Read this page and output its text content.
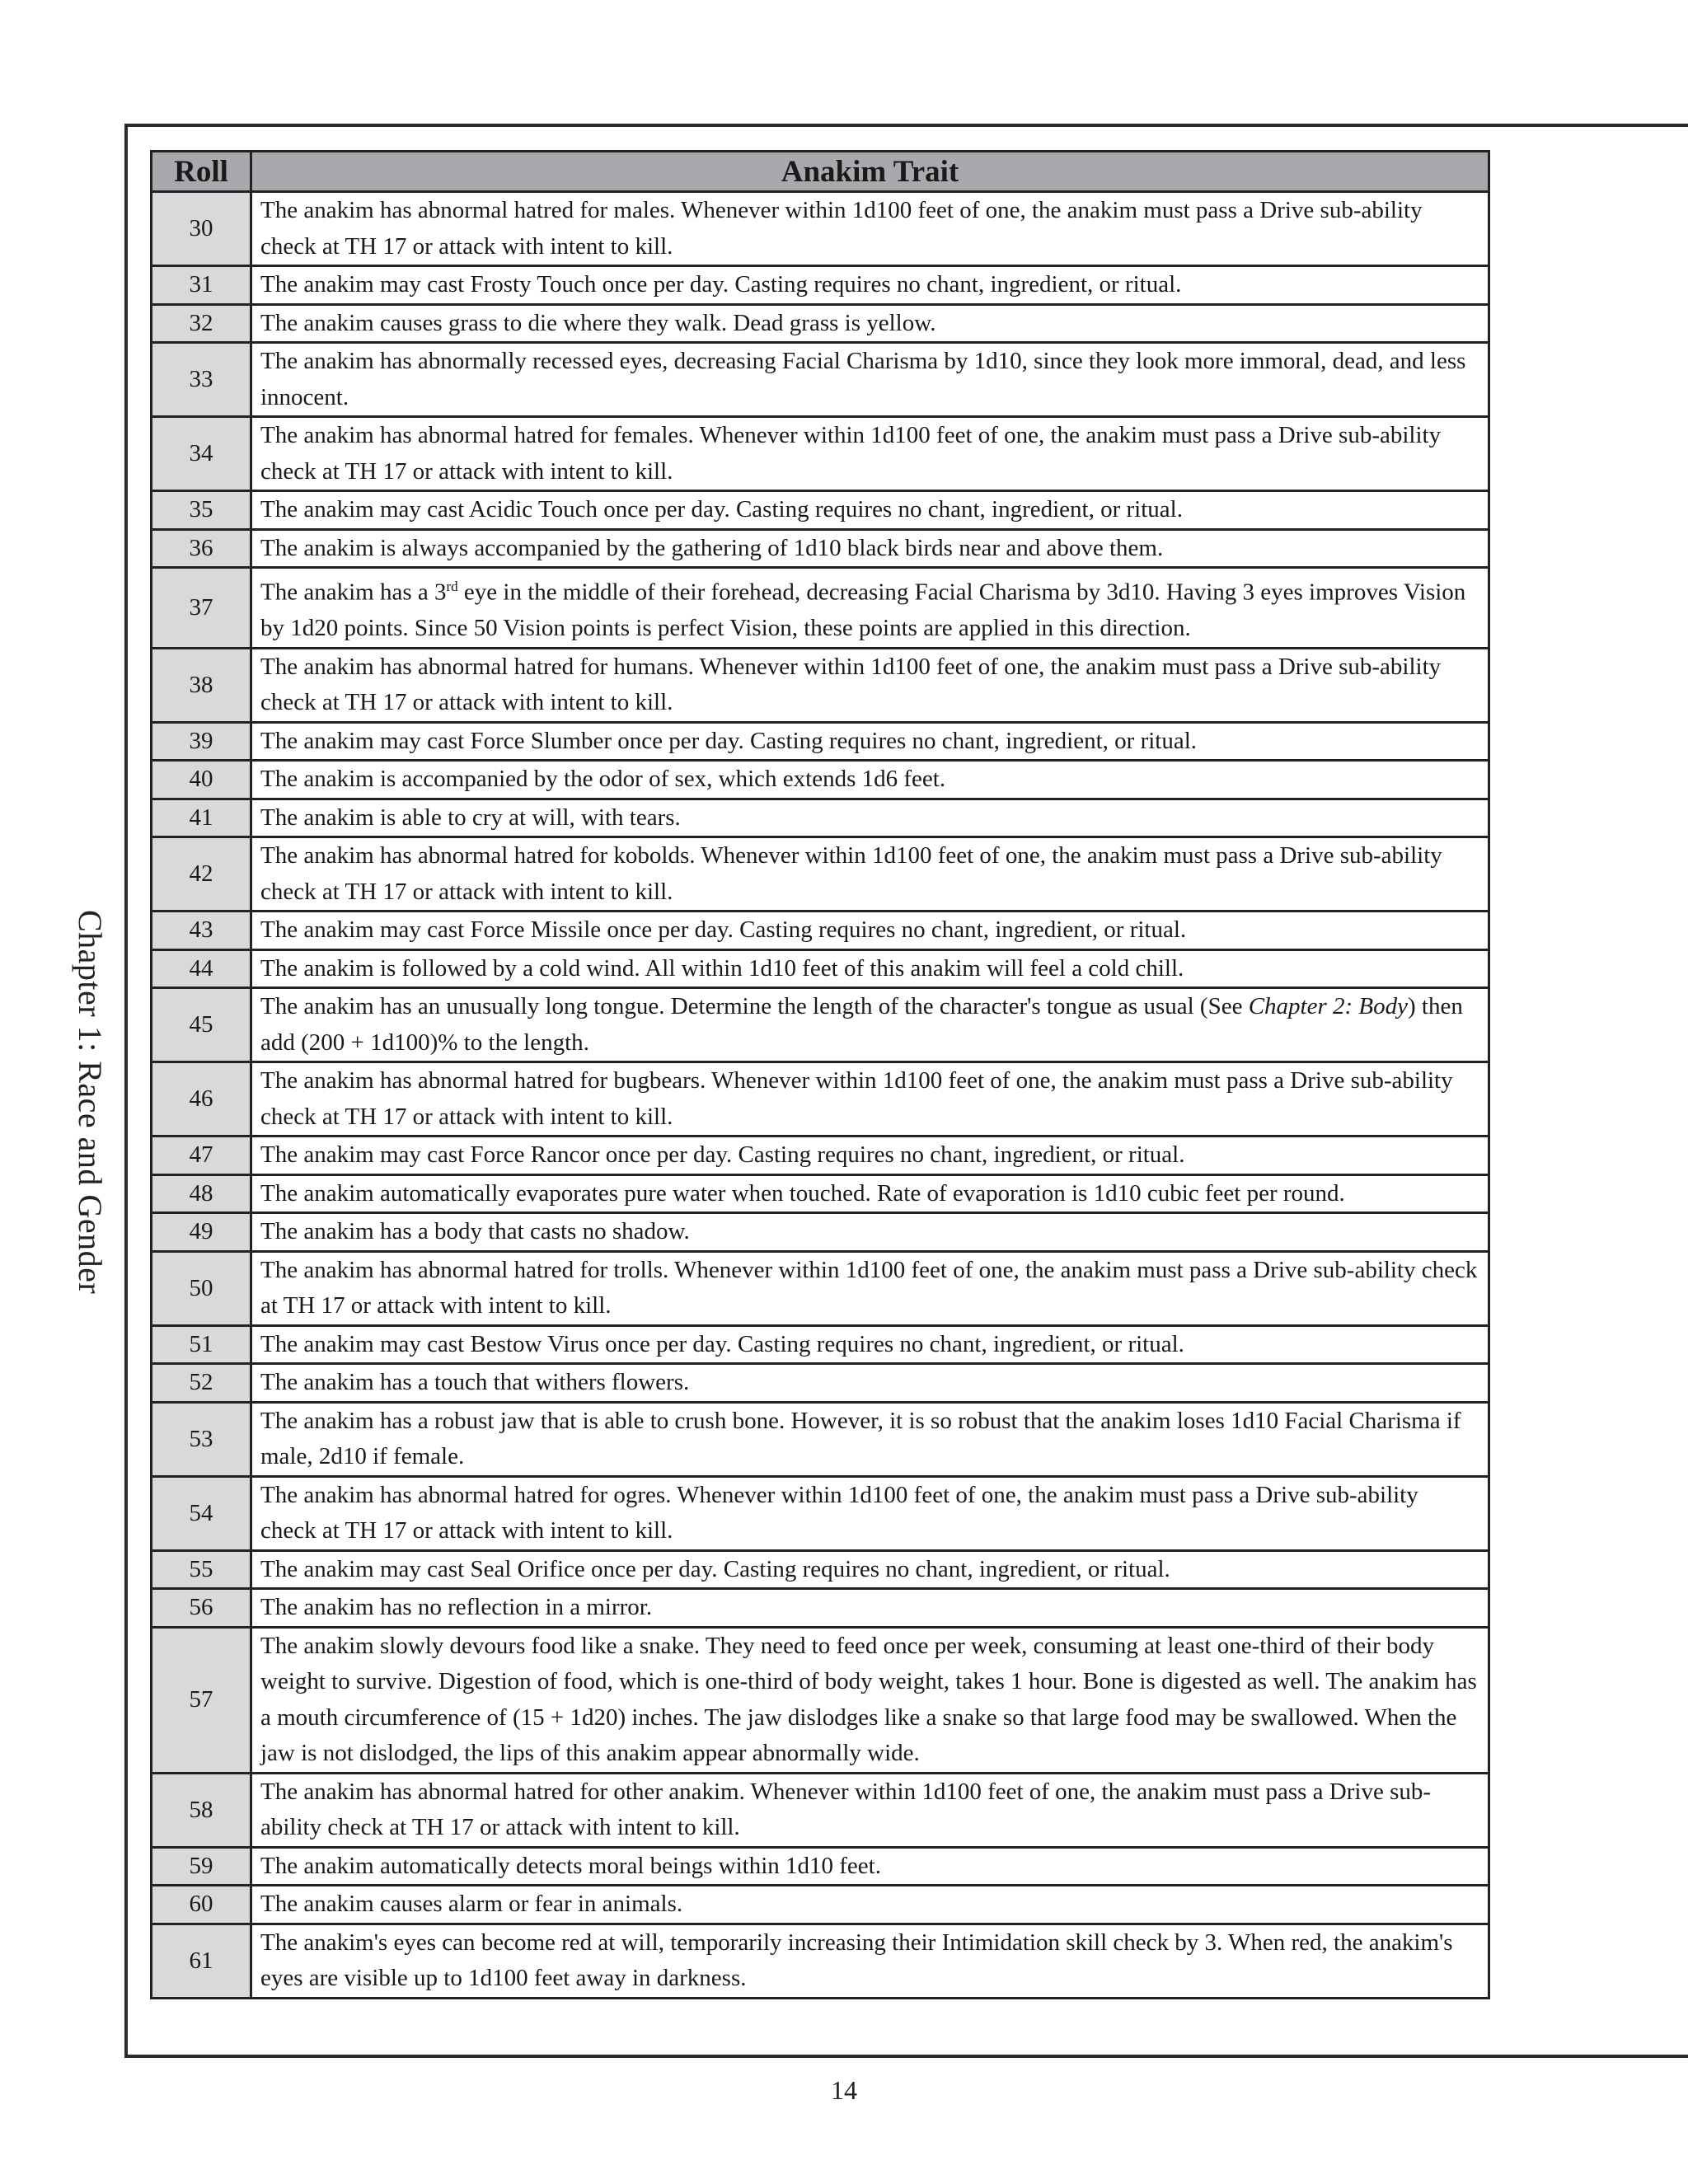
Chapter 1: Race and Gender
Roll	Anakim Trait
30	The anakim has abnormal hatred for males. Whenever within 1d100 feet of one, the anakim must pass a Drive sub-ability check at TH 17 or attack with intent to kill.
31	The anakim may cast Frosty Touch once per day. Casting requires no chant, ingredient, or ritual.
32	The anakim causes grass to die where they walk. Dead grass is yellow.
33	The anakim has abnormally recessed eyes, decreasing Facial Charisma by 1d10, since they look more immoral, dead, and less innocent.
34	The anakim has abnormal hatred for females. Whenever within 1d100 feet of one, the anakim must pass a Drive sub-ability check at TH 17 or attack with intent to kill.
35	The anakim may cast Acidic Touch once per day. Casting requires no chant, ingredient, or ritual.
36	The anakim is always accompanied by the gathering of 1d10 black birds near and above them.
37	The anakim has a 3rd eye in the middle of their forehead, decreasing Facial Charisma by 3d10. Having 3 eyes improves Vision by 1d20 points. Since 50 Vision points is perfect Vision, these points are applied in this direction.
38	The anakim has abnormal hatred for humans. Whenever within 1d100 feet of one, the anakim must pass a Drive sub-ability check at TH 17 or attack with intent to kill.
39	The anakim may cast Force Slumber once per day. Casting requires no chant, ingredient, or ritual.
40	The anakim is accompanied by the odor of sex, which extends 1d6 feet.
41	The anakim is able to cry at will, with tears.
42	The anakim has abnormal hatred for kobolds. Whenever within 1d100 feet of one, the anakim must pass a Drive sub-ability check at TH 17 or attack with intent to kill.
43	The anakim may cast Force Missile once per day. Casting requires no chant, ingredient, or ritual.
44	The anakim is followed by a cold wind. All within 1d10 feet of this anakim will feel a cold chill.
45	The anakim has an unusually long tongue. Determine the length of the character's tongue as usual (See Chapter 2: Body) then add (200 + 1d100)% to the length.
46	The anakim has abnormal hatred for bugbears. Whenever within 1d100 feet of one, the anakim must pass a Drive sub-ability check at TH 17 or attack with intent to kill.
47	The anakim may cast Force Rancor once per day. Casting requires no chant, ingredient, or ritual.
48	The anakim automatically evaporates pure water when touched. Rate of evaporation is 1d10 cubic feet per round.
49	The anakim has a body that casts no shadow.
50	The anakim has abnormal hatred for trolls. Whenever within 1d100 feet of one, the anakim must pass a Drive sub-ability check at TH 17 or attack with intent to kill.
51	The anakim may cast Bestow Virus once per day. Casting requires no chant, ingredient, or ritual.
52	The anakim has a touch that withers flowers.
53	The anakim has a robust jaw that is able to crush bone. However, it is so robust that the anakim loses 1d10 Facial Charisma if male, 2d10 if female.
54	The anakim has abnormal hatred for ogres. Whenever within 1d100 feet of one, the anakim must pass a Drive sub-ability check at TH 17 or attack with intent to kill.
55	The anakim may cast Seal Orifice once per day. Casting requires no chant, ingredient, or ritual.
56	The anakim has no reflection in a mirror.
57	The anakim slowly devours food like a snake. They need to feed once per week, consuming at least one-third of their body weight to survive. Digestion of food, which is one-third of body weight, takes 1 hour. Bone is digested as well. The anakim has a mouth circumference of (15 + 1d20) inches. The jaw dislodges like a snake so that large food may be swallowed. When the jaw is not dislodged, the lips of this anakim appear abnormally wide.
58	The anakim has abnormal hatred for other anakim. Whenever within 1d100 feet of one, the anakim must pass a Drive sub-ability check at TH 17 or attack with intent to kill.
59	The anakim automatically detects moral beings within 1d10 feet.
60	The anakim causes alarm or fear in animals.
61	The anakim's eyes can become red at will, temporarily increasing their Intimidation skill check by 3. When red, the anakim's eyes are visible up to 1d100 feet away in darkness.
14
